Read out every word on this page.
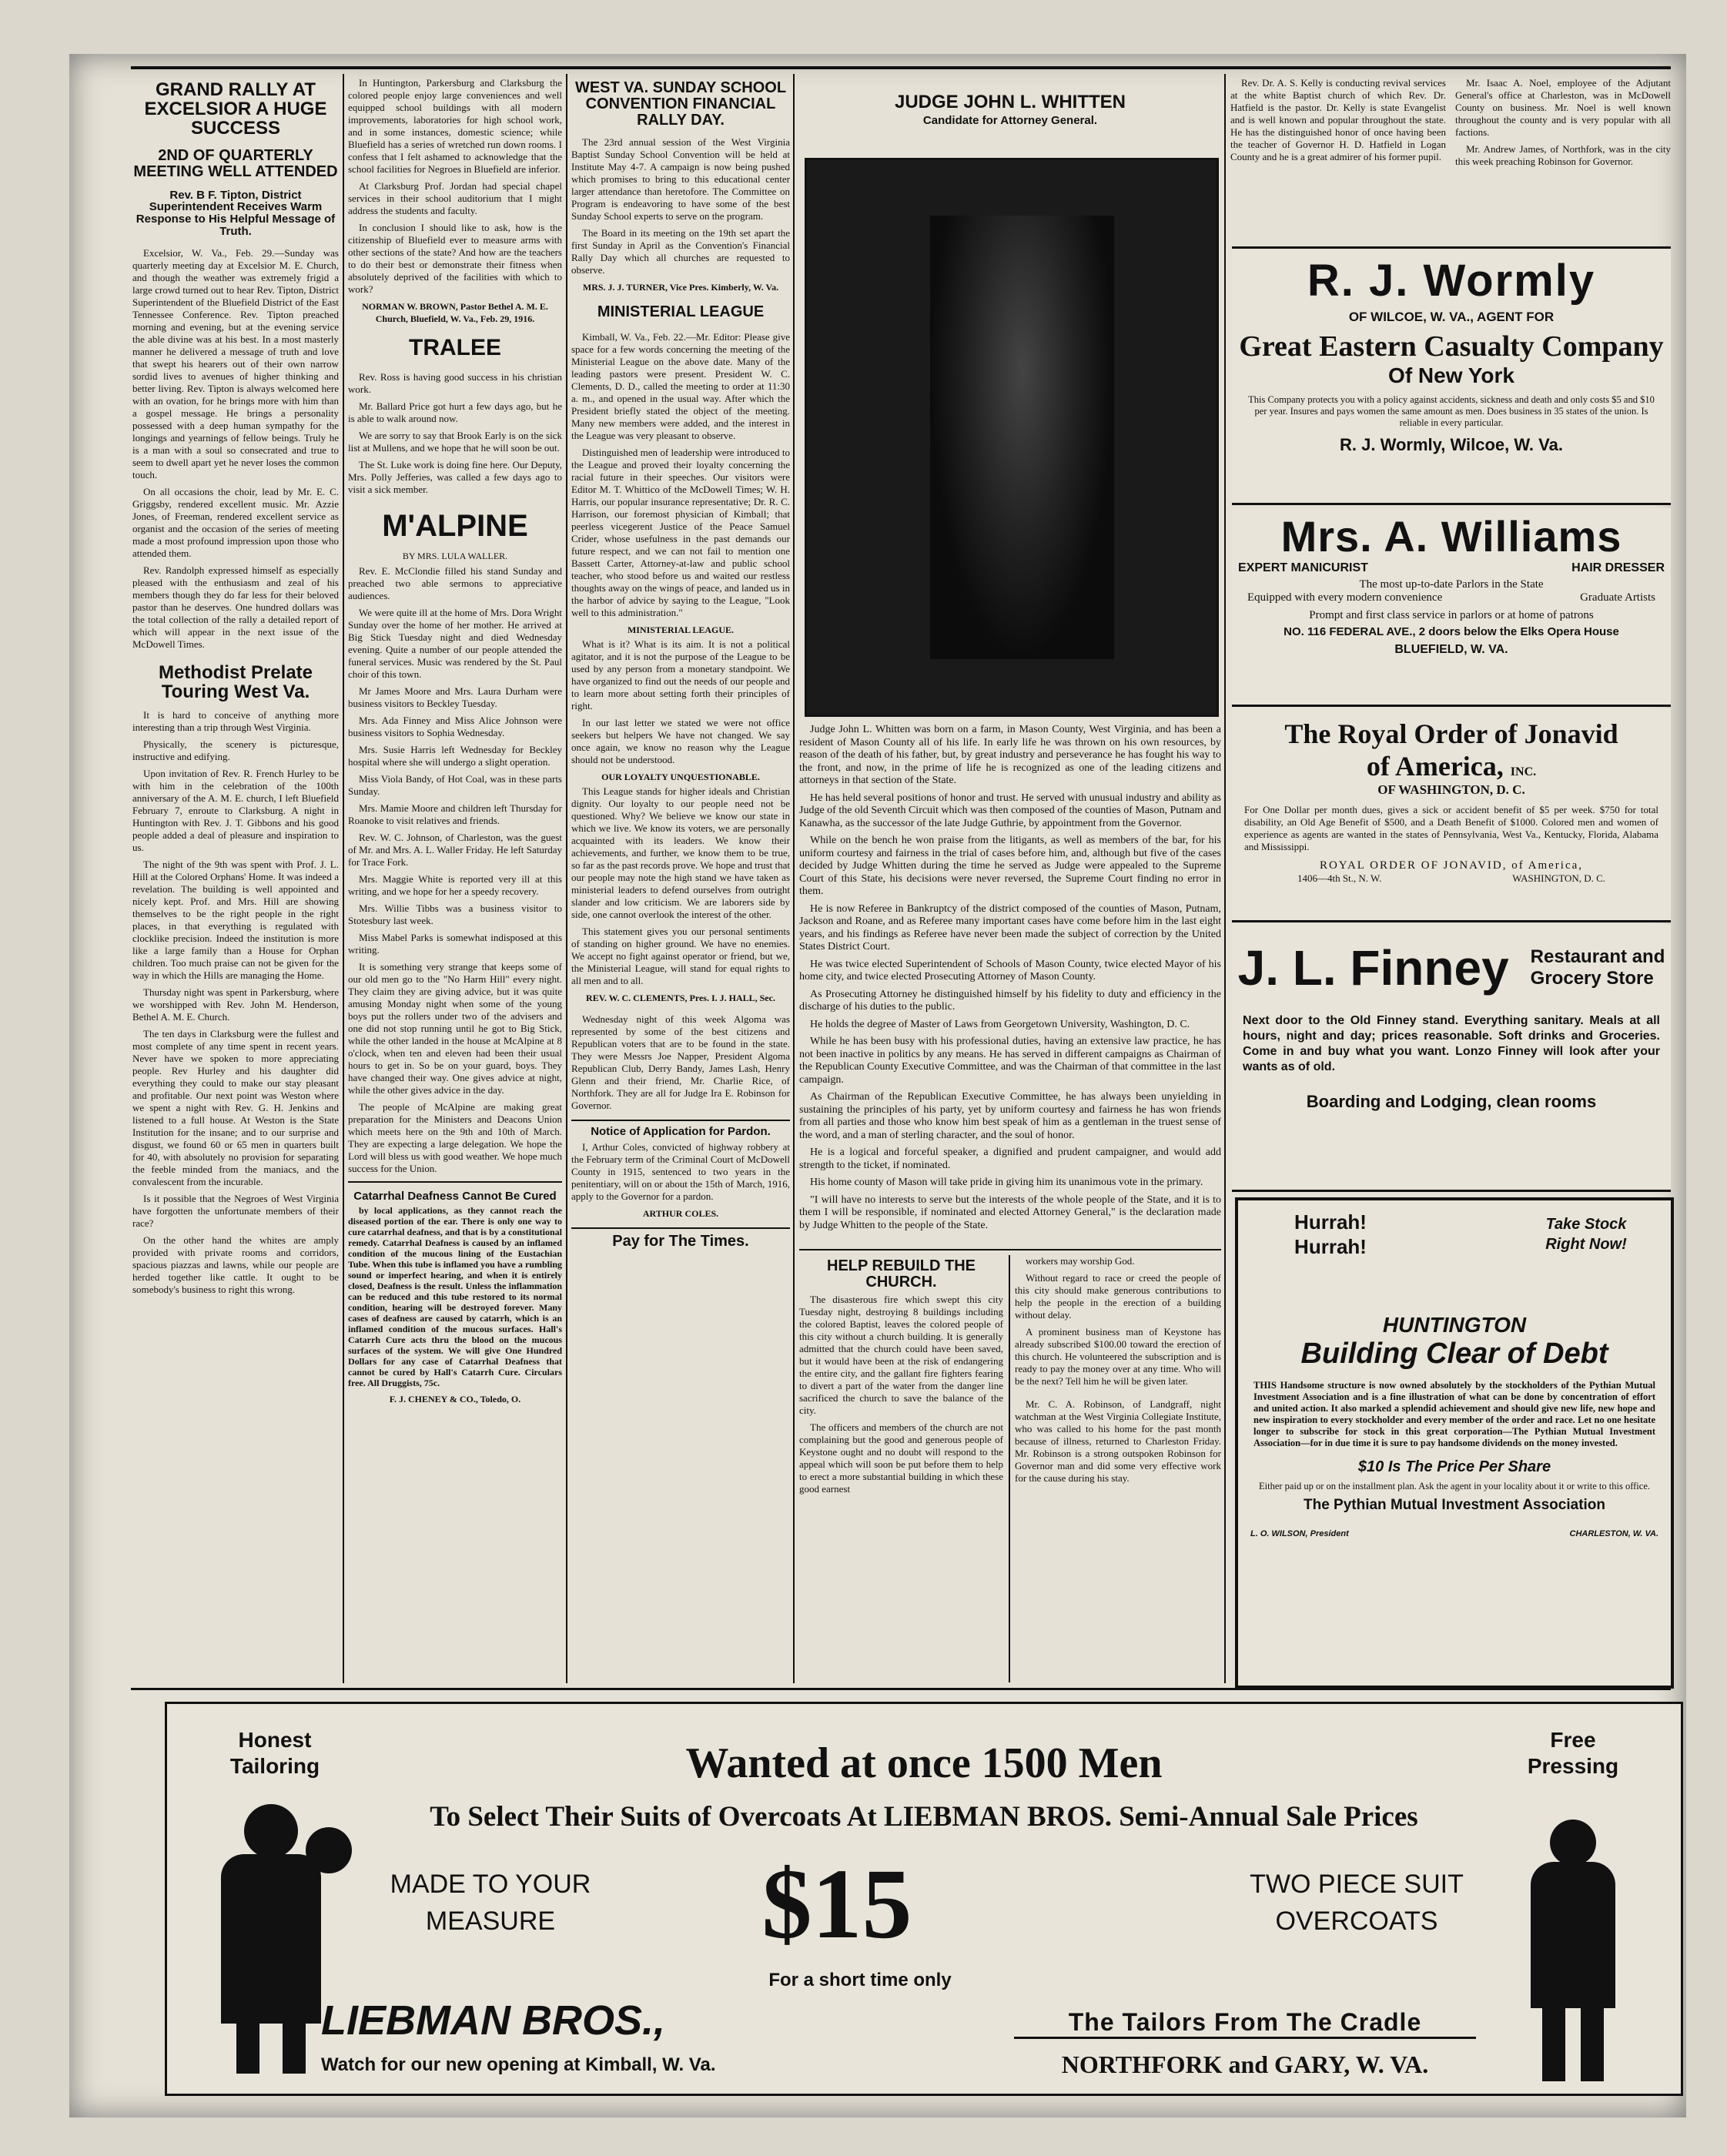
GRAND RALLY AT EXCELSIOR A HUGE SUCCESS
2ND OF QUARTERLY MEETING WELL ATTENDED
Rev. B F. Tipton, District Superintendent Receives Warm Response to His Helpful Message of Truth.

Excelsior, W. Va., Feb. 29.—Sunday was quarterly meeting day at Excelsior M. E. Church, and though the weather was extremely frigid a large crowd turned out to hear Rev. Tipton, District Superintendent of the Bluefield District of the East Tennessee Conference. Rev. Tipton preached morning and evening, but at the evening service the able divine was at his best. In a most masterly manner he delivered a message of truth and love that swept his hearers out of their own narrow sordid lives to avenues of higher thinking and better living. Rev. Tipton is always welcomed here with an ovation, for he brings more with him than a gospel message. He brings a personality possessed with a deep human sympathy for the longings and yearnings of fellow beings. Truly he is a man with a soul so consecrated and true to seem to dwell apart yet he never loses the common touch.

On all occasions the choir, lead by Mr. E. C. Griggsby, rendered excellent music. Mr. Azzie Jones, of Freeman, rendered excellent service as organist and the occasion of the series of meeting made a most profound impression upon those who attended them.

Rev. Randolph expressed himself as especially pleased with the enthusiasm and zeal of his members though they do far less for their beloved pastor than he deserves. One hundred dollars was the total collection of the rally a detailed report of which will appear in the next issue of the McDowell Times.

Methodist Prelate Touring West Va.

It is hard to conceive of anything more interesting than a trip through West Virginia.

Physically, the scenery is picturesque, instructive and edifying.

Upon invitation of Rev. R. French Hurley to be with him in the celebration of the 100th anniversary of the A. M. E. church, I left Bluefield February 7, enroute to Clarksburg. A night in Huntington with Rev. J. T. Gibbons and his good people added a deal of pleasure and inspiration to us.

The night of the 9th was spent with Prof. J. L. Hill at the Colored Orphans' Home. It was indeed a revelation. The building is well appointed and nicely kept. Prof. and Mrs. Hill are showing themselves to be the right people in the right places, in that everything is regulated with clocklike precision. Indeed the institution is more like a large family than a House for Orphan children. Too much praise can not be given for the way in which the Hills are managing the Home.

Thursday night was spent in Parkersburg, where we worshipped with Rev. John M. Henderson, Bethel A. M. E. Church.

The ten days in Clarksburg were the fullest and most complete of any time spent in recent years. Never have we spoken to more appreciating people. Rev Hurley and his daughter did everything they could to make our stay pleasant and profitable. Our next point was Weston where we spent a night with Rev. G. H. Jenkins and listened to a full house. At Weston is the State Institution for the insane; and to our surprise and disgust, we found 60 or 65 men in quarters built for 40, with absolutely no provision for separating the feeble minded from the maniacs, and the convalescent from the incurable.

Is it possible that the Negroes of West Virginia have forgotten the unfortunate members of their race?

On the other hand the whites are amply provided with private rooms and corridors, spacious piazzas and lawns, while our people are herded together like cattle. It ought to be somebody's business to right this wrong.

In Huntington, Parkersburg and Clarksburg the colored people enjoy large conveniences and well equipped school buildings with all modern improvements, laboratories for high school work, and in some instances, domestic science; while Bluefield has a series of wretched run down rooms. I confess that I felt ashamed to acknowledge that the school facilities for Negroes in Bluefield are inferior.

At Clarksburg Prof. Jordan had special chapel services in their school auditorium that I might address the students and faculty.

In conclusion I should like to ask, how is the citizenship of Bluefield ever to measure arms with other sections of the state? And how are the teachers to do their best or demonstrate their fitness when absolutely deprived of the facilities with which to work?

NORMAN W. BROWN, Pastor Bethel A. M. E. Church, Bluefield, W. Va., Feb. 29, 1916.
TRALEE

Rev. Ross is having good success in his christian work.

Mr. Ballard Price got hurt a few days ago, but he is able to walk around now.

We are sorry to say that Brook Early is on the sick list at Mullens, and we hope that he will soon be out.

The St. Luke work is doing fine here. Our Deputy, Mrs. Polly Jefferies, was called a few days ago to visit a sick member.

M'ALPINE
BY MRS. LULA WALLER.

Rev. E. McClondie filled his stand Sunday and preached two able sermons to appreciative audiences.

We were quite ill at the home of Mrs. Dora Wright Sunday over the home of her mother. He arrived at Big Stick Tuesday night and died Wednesday evening. Quite a number of our people attended the funeral services. Music was rendered by the St. Paul choir of this town.

Mr James Moore and Mrs. Laura Durham were business visitors to Beckley Tuesday.

Mrs. Ada Finney and Miss Alice Johnson were business visitors to Sophia Wednesday.

Mrs. Susie Harris left Wednesday for Beckley hospital where she will undergo a slight operation.

Miss Viola Bandy, of Hot Coal, was in these parts Sunday.

Mrs. Mamie Moore and children left Thursday for Roanoke to visit relatives and friends.

Rev. W. C. Johnson, of Charleston, was the guest of Mr. and Mrs. A. L. Waller Friday. He left Saturday for Trace Fork.

Mrs. Maggie White is reported very ill at this writing, and we hope for her a speedy recovery.

Mrs. Willie Tibbs was a business visitor to Stotesbury last week.

Miss Mabel Parks is somewhat indisposed at this writing.

It is something very strange that keeps some of our old men go to the "No Harm Hill" every night. They claim they are giving advice, but it was quite amusing Monday night when some of the young boys put the rollers under two of the advisers and one did not stop running until he got to Big Stick, while the other landed in the house at McAlpine at 8 o'clock, when ten and eleven had been their usual hours to get in. So be on your guard, boys. They have changed their way. One gives advice at night, while the other gives advice in the day.

The people of McAlpine are making great preparation for the Ministers and Deacons Union which meets here on the 9th and 10th of March. They are expecting a large delegation. We hope the Lord will bless us with good weather. We hope much success for the Union.

Catarrhal Deafness Cannot Be Cured

by local applications, as they cannot reach the diseased portion of the ear. There is only one way to cure catarrhal deafness, and that is by a constitutional remedy. Catarrhal Deafness is caused by an inflamed condition of the mucous lining of the Eustachian Tube. When this tube is inflamed you have a rumbling sound or imperfect hearing, and when it is entirely closed, Deafness is the result. Unless the inflammation can be reduced and this tube restored to its normal condition, hearing will be destroyed forever. Many cases of deafness are caused by catarrh, which is an inflamed condition of the mucous surfaces. Hall's Catarrh Cure acts thru the blood on the mucous surfaces of the system. We will give One Hundred Dollars for any case of Catarrhal Deafness that cannot be cured by Hall's Catarrh Cure. Circulars free. All Druggists, 75c.

F. J. CHENEY & CO., Toledo, O.
WEST VA. SUNDAY SCHOOL CONVENTION FINANCIAL RALLY DAY.

The 23rd annual session of the West Virginia Baptist Sunday School Convention will be held at Institute May 4-7. A campaign is now being pushed which promises to bring to this educational center larger attendance than heretofore. The Committee on Program is endeavoring to have some of the best Sunday School experts to serve on the program.

The Board in its meeting on the 19th set apart the first Sunday in April as the Convention's Financial Rally Day which all churches are requested to observe.

MRS. J. J. TURNER, Vice Pres. Kimberly, W. Va.
MINISTERIAL LEAGUE

Kimball, W. Va., Feb. 22.—Mr. Editor: Please give space for a few words concerning the meeting of the Ministerial League on the above date. Many of the leading pastors were present. President W. C. Clements, D. D., called the meeting to order at 11:30 a. m., and opened in the usual way. After which the President briefly stated the object of the meeting. Many new members were added, and the interest in the League was very pleasant to observe.

Distinguished men of leadership were introduced to the League and proved their loyalty concerning the racial future in their speeches. Our visitors were Editor M. T. Whittico of the McDowell Times; W. H. Harris, our popular insurance representative; Dr. R. C. Harrison, our foremost physician of Kimball; that peerless vicegerent Justice of the Peace Samuel Crider, whose usefulness in the past demands our future respect, and we can not fail to mention one Bassett Carter, Attorney-at-law and public school teacher, who stood before us and waited our restless thoughts away on the wings of peace, and landed us in the harbor of advice by saying to the League, "Look well to this administration."

MINISTERIAL LEAGUE.

What is it? What is its aim. It is not a political agitator, and it is not the purpose of the League to be used by any person from a monetary standpoint. We have organized to find out the needs of our people and to learn more about setting forth their principles of right.

In our last letter we stated we were not office seekers but helpers We have not changed. We say once again, we know no reason why the League should not be understood.

OUR LOYALTY UNQUESTIONABLE.

This League stands for higher ideals and Christian dignity. Our loyalty to our people need not be questioned. Why? We believe we know our state in which we live. We know its voters, we are personally acquainted with its leaders. We know their achievements, and further, we know them to be true, so far as the past records prove. We hope and trust that our people may note the high stand we have taken as ministerial leaders to defend ourselves from outright slander and low criticism. We are laborers side by side, one cannot overlook the interest of the other.

This statement gives you our personal sentiments of standing on higher ground. We have no enemies. We accept no fight against operator or friend, but we, the Ministerial League, will stand for equal rights to all men and to all.

REV. W. C. CLEMENTS, Pres. I. J. HALL, Sec.

Wednesday night of this week Algoma was represented by some of the best citizens and Republican voters that are to be found in the state. They were Messrs Joe Napper, President Algoma Republican Club, Derry Bandy, James Lash, Henry Glenn and their friend, Mr. Charlie Rice, of Northfork. They are all for Judge Ira E. Robinson for Governor.

Notice of Application for Pardon.

I, Arthur Coles, convicted of highway robbery at the February term of the Criminal Court of McDowell County in 1915, sentenced to two years in the penitentiary, will on or about the 15th of March, 1916, apply to the Governor for a pardon.

ARTHUR COLES.
Pay for The Times.
JUDGE JOHN L. WHITTEN
Candidate for Attorney General.

Judge John L. Whitten was born on a farm, in Mason County, West Virginia, and has been a resident of Mason County all of his life. In early life he was thrown on his own resources, by reason of the death of his father, but, by great industry and perseverance he has fought his way to the front, and now, in the prime of life he is recognized as one of the leading citizens and attorneys in that section of the State.

He has held several positions of honor and trust. He served with unusual industry and ability as Judge of the old Seventh Circuit which was then composed of the counties of Mason, Putnam and Kanawha, as the successor of the late Judge Guthrie, by appointment from the Governor.

While on the bench he won praise from the litigants, as well as members of the bar, for his uniform courtesy and fairness in the trial of cases before him, and, although but five of the cases decided by Judge Whitten during the time he served as Judge were appealed to the Supreme Court of this State, his decisions were never reversed, the Supreme Court finding no error in them.

He is now Referee in Bankruptcy of the district composed of the counties of Mason, Putnam, Jackson and Roane, and as Referee many important cases have come before him in the last eight years, and his findings as Referee have never been made the subject of correction by the United States District Court.

He was twice elected Superintendent of Schools of Mason County, twice elected Mayor of his home city, and twice elected Prosecuting Attorney of Mason County.

As Prosecuting Attorney he distinguished himself by his fidelity to duty and efficiency in the discharge of his duties to the public.

He holds the degree of Master of Laws from Georgetown University, Washington, D. C.

While he has been busy with his professional duties, having an extensive law practice, he has not been inactive in politics by any means. He has served in different campaigns as Chairman of the Republican County Executive Committee, and was the Chairman of that committee in the last campaign.

As Chairman of the Republican Executive Committee, he has always been unyielding in sustaining the principles of his party, yet by uniform courtesy and fairness he has won friends from all parties and those who know him best speak of him as a gentleman in the truest sense of the word, and a man of sterling character, and the soul of honor.

He is a logical and forceful speaker, a dignified and prudent campaigner, and would add strength to the ticket, if nominated.

His home county of Mason will take pride in giving him its unanimous vote in the primary.

"I will have no interests to serve but the interests of the whole people of the State, and it is to them I will be responsible, if nominated and elected Attorney General," is the declaration made by Judge Whitten to the people of the State.

HELP REBUILD THE CHURCH.

The disasterous fire which swept this city Tuesday night, destroying 8 buildings including the colored Baptist, leaves the colored people of this city without a church building. It is generally admitted that the church could have been saved, but it would have been at the risk of endangering the entire city, and the gallant fire fighters fearing to divert a part of the water from the danger line sacrificed the church to save the balance of the city.

The officers and members of the church are not complaining but the good and generous people of Keystone ought and no doubt will respond to the appeal which will soon be put before them to help to erect a more substantial building in which these good earnest

workers may worship God.

Without regard to race or creed the people of this city should make generous contributions to help the people in the erection of a building without delay.

A prominent business man of Keystone has already subscribed $100.00 toward the erection of this church. He volunteered the subscription and is ready to pay the money over at any time. Who will be the next? Tell him he will be given later.

Mr. C. A. Robinson, of Landgraff, night watchman at the West Virginia Collegiate Institute, who was called to his home for the past month because of illness, returned to Charleston Friday. Mr. Robinson is a strong outspoken Robinson for Governor man and did some very effective work for the cause during his stay.

Rev. Dr. A. S. Kelly is conducting revival services at the white Baptist church of which Rev. Dr. Hatfield is the pastor. Dr. Kelly is state Evangelist and is well known and popular throughout the state. He has the distinguished honor of once having been the teacher of Governor H. D. Hatfield in Logan County and he is a great admirer of his former pupil.

Mr. Isaac A. Noel, employee of the Adjutant General's office at Charleston, was in McDowell County on business. Mr. Noel is well known throughout the county and is very popular with all factions.

Mr. Andrew James, of Northfork, was in the city this week preaching Robinson for Governor.

R. J. Wormly
OF WILCOE, W. VA., AGENT FOR
Great Eastern Casualty Company
Of New York
This Company protects you with a policy against accidents, sickness and death and only costs $5 and $10 per year. Insures and pays women the same amount as men. Does business in 35 states of the union. Is reliable in every particular.
R. J. Wormly, Wilcoe, W. Va.
Mrs. A. Williams
EXPERT MANICURIST	HAIR DRESSER
The most up-to-date Parlors in the State
Equipped with every modern convenience	Graduate Artists
Prompt and first class service in parlors or at home of patrons
NO. 116 FEDERAL AVE., 2 doors below the Elks Opera House
BLUEFIELD, W. VA.
The Royal Order of Jonavid
of America, INC.
OF WASHINGTON, D. C.
For One Dollar per month dues, gives a sick or accident benefit of $5 per week. $750 for total disability, an Old Age Benefit of $500, and a Death Benefit of $1000. Colored men and women of experience as agents are wanted in the states of Pennsylvania, West Va., Kentucky, Florida, Alabama and Mississippi.
ROYAL ORDER OF JONAVID, of America,
1406—4th St., N. W.	WASHINGTON, D. C.
J. L. Finney Restaurant and
Grocery Store
Next door to the Old Finney stand. Everything sanitary. Meals at all hours, night and day; prices reasonable. Soft drinks and Groceries. Come in and buy what you want. Lonzo Finney will look after your wants as of old.
Boarding and Lodging, clean rooms
Hurrah! Hurrah!
Take Stock Right Now!
HUNTINGTON
Building Clear of Debt
THIS Handsome structure is now owned absolutely by the stockholders of the Pythian Mutual Investment Association and is a fine illustration of what can be done by concentration of effort and united action. It also marked a splendid achievement and should give new life, new hope and new inspiration to every stockholder and every member of the order and race. Let no one hesitate longer to subscribe for stock in this great corporation—The Pythian Mutual Investment Association—for in due time it is sure to pay handsome dividends on the money invested.
$10 Is The Price Per Share
Either paid up or on the installment plan. Ask the agent in your locality about it or write to this office.
The Pythian Mutual Investment Association
L. O. WILSON, President	CHARLESTON, W. VA.
Honest
Tailoring
Free
Pressing
Wanted at once 1500 Men
To Select Their Suits of Overcoats At LIEBMAN BROS. Semi-Annual Sale Prices
MADE TO YOUR MEASURE	$15
For a short time only
TWO PIECE SUIT OVERCOATS
LIEBMAN BROS.,	The Tailors From The Cradle
Watch for our new opening at Kimball, W. Va.	NORTHFORK and GARY, W. VA.
